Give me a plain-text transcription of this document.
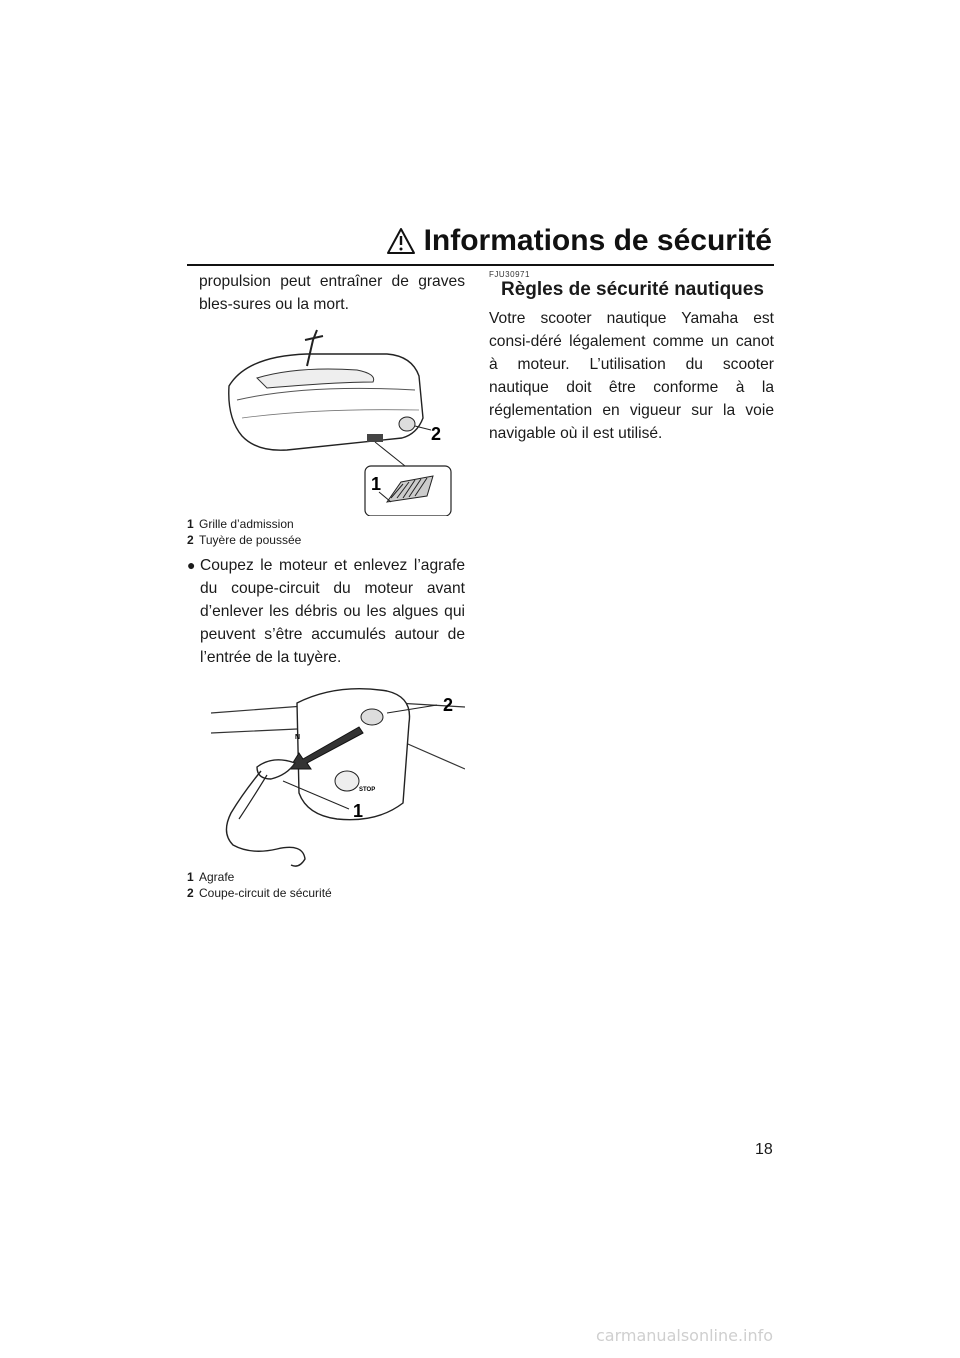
Informations de sécurité

propulsion peut entraîner de graves bles-sures ou la mort.

2
1
1 Grille d’admission
2 Tuyère de poussée
● Coupez le moteur et enlevez l’agrafe du coupe-circuit du moteur avant d’enlever les débris ou les algues qui peuvent s’être accumulés autour de l’entrée de la tuyère.

STOP
N
2
1
1 Agrafe
2 Coupe-circuit de sécurité

FJU30971

Règles de sécurité nautiques

Votre scooter nautique Yamaha est consi-déré légalement comme un canot à moteur. L’utilisation du scooter nautique doit être conforme à la réglementation en vigueur sur la voie navigable où il est utilisé.

18
carmanualsonline.info
